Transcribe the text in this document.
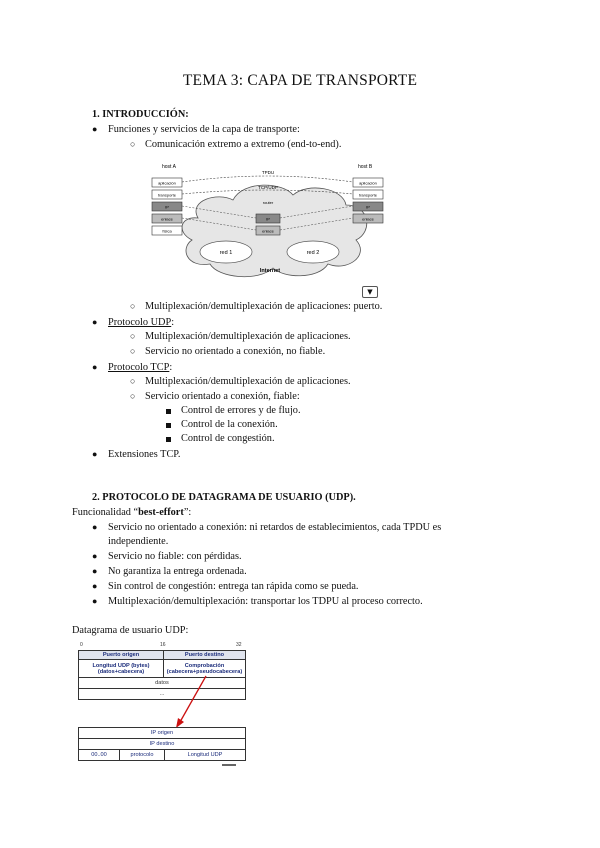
TEMA 3: CAPA DE TRANSPORTE
1. INTRODUCCIÓN:
● Funciones y servicios de la capa de transporte:
○ Comunicación extremo a extremo (end-to-end).
red 1	red 2
Internet
host A
aplicación
transporte
IP
enlace
física
host B
aplicación
transporte
IP
enlace
TPDU
TCP/UDP
router
IP
enlace
▼
○ Multiplexación/demultiplexación de aplicaciones: puerto.
● Protocolo UDP:
○ Multiplexación/demultiplexación de aplicaciones.
○ Servicio no orientado a conexión, no fiable.
● Protocolo TCP:
○ Multiplexación/demultiplexación de aplicaciones.
○ Servicio orientado a conexión, fiable:
Control de errores y de flujo.
Control de la conexión.
Control de congestión.
● Extensiones TCP.
2. PROTOCOLO DE DATAGRAMA DE USUARIO (UDP).
Funcionalidad “best-effort”:
● Servicio no orientado a conexión: ni retardos de establecimientos, cada TPDU es
independiente.
● Servicio no fiable: con pérdidas.
● No garantiza la entrega ordenada.
● Sin control de congestión: entrega tan rápida como se pueda.
● Multiplexación/demultiplexación: transportar los TDPU al proceso correcto.
Datagrama de usuario UDP:
0	16	32
Puerto origen	Puerto destino
Longitud UDP (bytes) (datos+cabecera)	Comprobación (cabecera+pseudocabecera)
datos	
...	
IP origen
IP destino
00..00	protocolo	Longitud UDP
